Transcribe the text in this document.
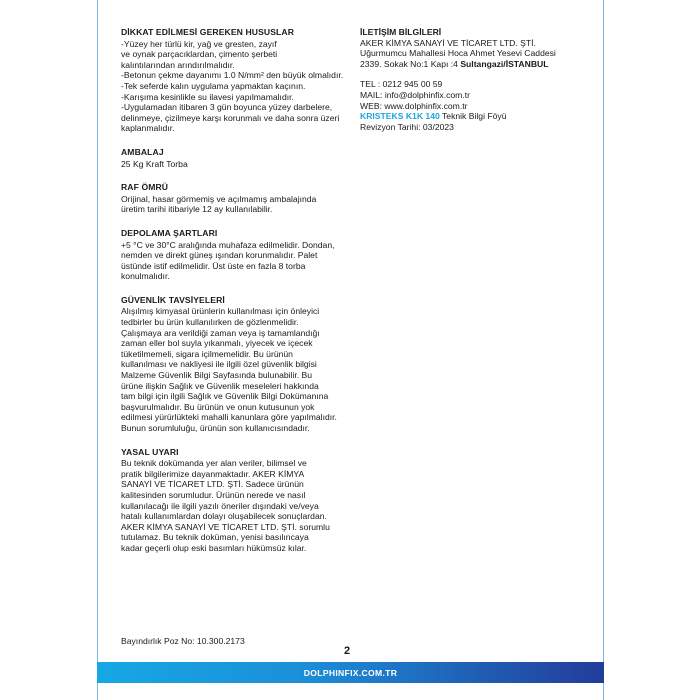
DİKKAT EDİLMESİ GEREKEN HUSUSLAR

-Yüzey her türlü kir, yağ ve gresten, zayıf
ve oynak parçacıklardan, çimento şerbeti
kalıntılarından arındırılmalıdır.
-Betonun çekme dayanımı 1.0 N/mm² den büyük olmalıdır.
-Tek seferde kalın uygulama yapmaktan kaçının.
-Karışıma kesinlikle su ilavesi yapılmamalıdır.
-Uygulamadan itibaren 3 gün boyunca yüzey darbelere,
delinmeye, çizilmeye karşı korunmalı ve daha sonra üzeri
kaplanmalıdır.

AMBALAJ

25 Kg Kraft Torba

RAF ÖMRÜ

Orijinal, hasar görmemiş ve açılmamış ambalajında
üretim tarihi itibariyle 12 ay kullanılabilir.

DEPOLAMA ŞARTLARI

+5 °C ve 30°C aralığında muhafaza edilmelidir. Dondan,
nemden ve direkt güneş ışından korunmalıdır. Palet
üstünde istif edilmelidir. Üst üste en fazla 8 torba
konulmalıdır.

GÜVENLİK TAVSİYELERİ

Alışılmış kimyasal ürünlerin kullanılması için önleyici
tedbirler bu ürün kullanılırken de gözlenmelidir.
Çalışmaya ara verildiği zaman veya iş tamamlandığı
zaman eller bol suyla yıkanmalı, yiyecek ve içecek
tüketilmemeli, sigara içilmemelidir. Bu ürünün
kullanılması ve nakliyesi ile ilgili özel güvenlik bilgisi
Malzeme Güvenlik Bilgi Sayfasında bulunabilir. Bu
ürüne ilişkin Sağlık ve Güvenlik meseleleri hakkında
tam bilgi için ilgili Sağlık ve Güvenlik Bilgi Dokümanına
başvurulmalıdır. Bu ürünün ve onun kutusunun yok
edilmesi yürürlükteki mahalli kanunlara göre yapılmalıdır.
Bunun sorumluluğu, ürünün son kullanıcısındadır.

YASAL UYARI

Bu teknik dokümanda yer alan veriler, bilimsel ve
pratik bilgilerimize dayanmaktadır. AKER KİMYA
SANAYİ VE TİCARET LTD. ŞTİ. Sadece ürünün
kalitesinden sorumludur. Ürünün nerede ve nasıl
kullanılacağı ile ilgili yazılı öneriler dışındaki ve/veya
hatalı kullanımlardan dolayı oluşabilecek sonuçlardan.
AKER KİMYA SANAYİ VE TİCARET LTD. ŞTİ. sorumlu
tutulamaz. Bu teknik doküman, yenisi basılıncaya
kadar geçerli olup eski basımları hükümsüz kılar.

İLETİŞİM BİLGİLERİ
AKER KİMYA SANAYİ VE TİCARET LTD. ŞTİ.
Uğurmumcu Mahallesi Hoca Ahmet Yesevi Caddesi
2339. Sokak No:1 Kapı :4 Sultangazi/İSTANBUL
TEL : 0212 945 00 59
MAIL: info@dolphinfix.com.tr
WEB: www.dolphinfix.com.tr
KRISTEKS K1K 140 Teknik Bilgi Föyü
Revizyon Tarihi: 03/2023
Bayındırlık Poz No: 10.300.2173
2
DOLPHINFIX.COM.TR
